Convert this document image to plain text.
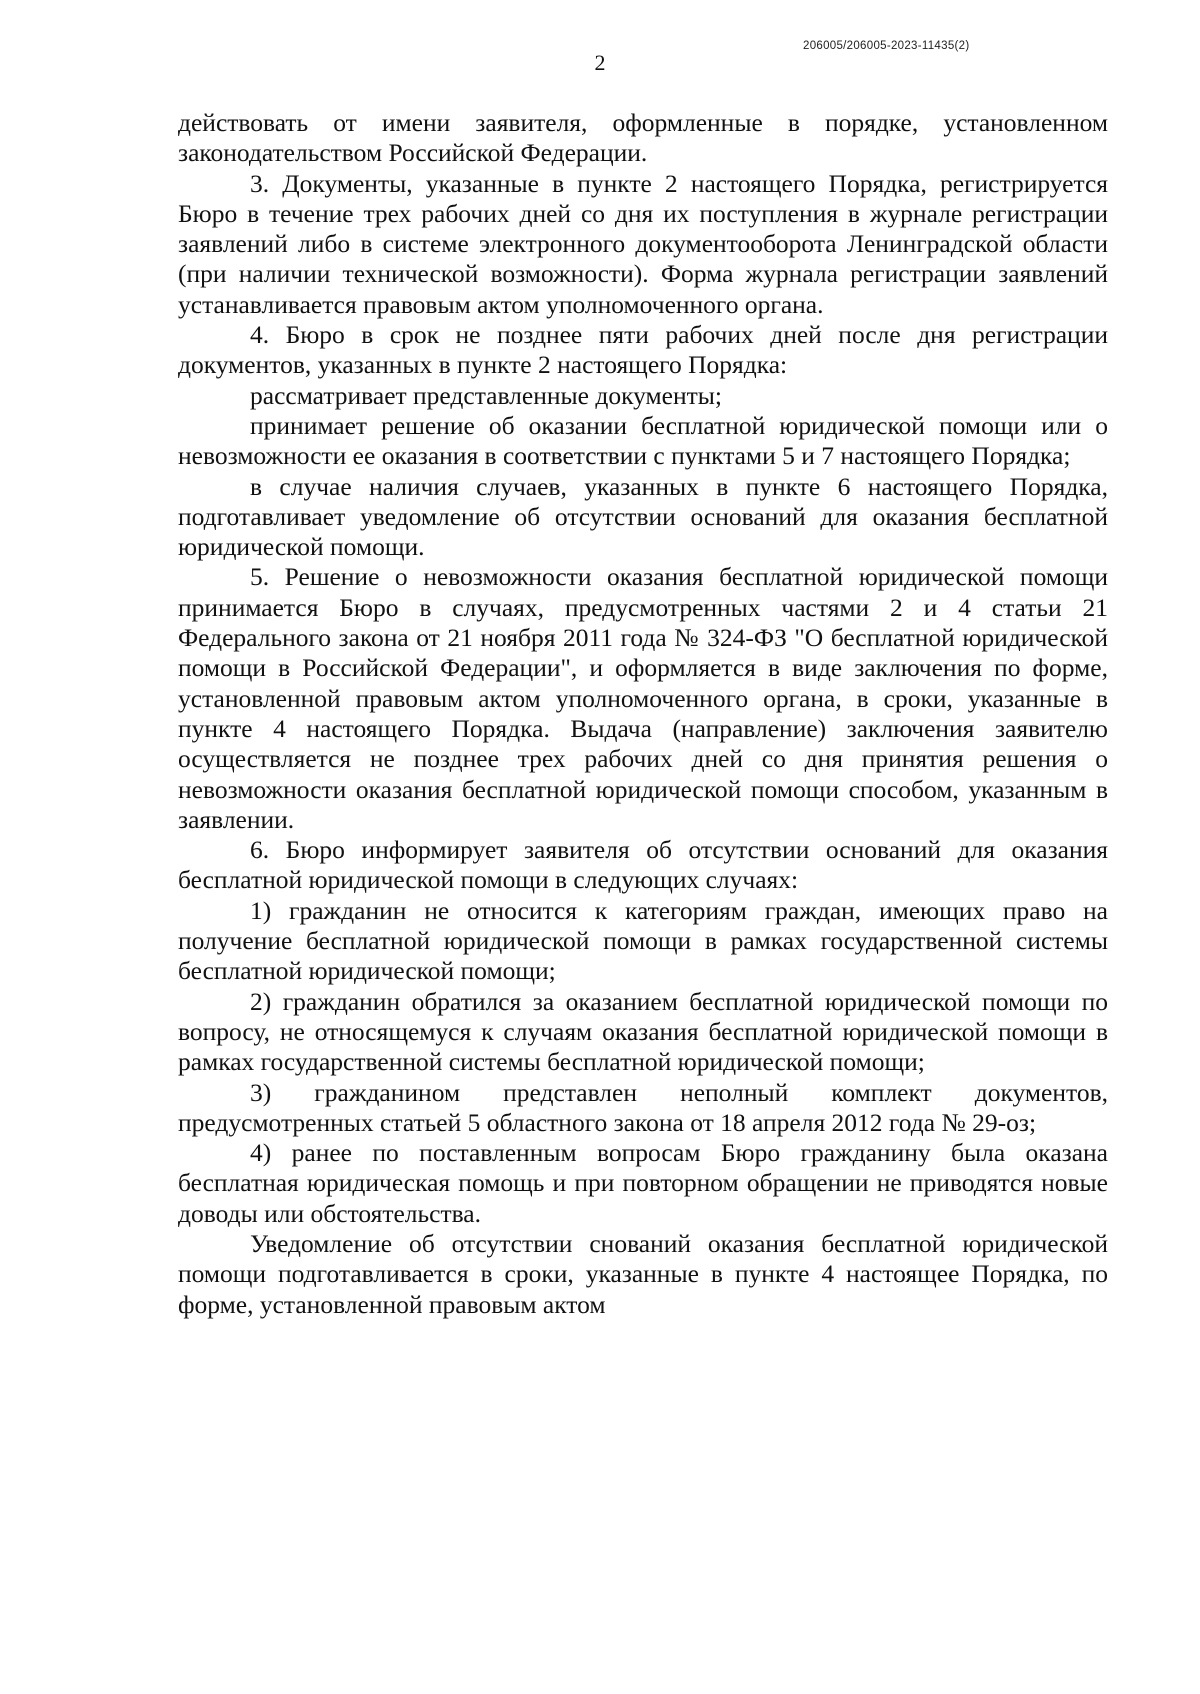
206005/206005-2023-11435(2)
2

действовать от имени заявителя, оформленные в порядке, установленном законодательством Российской Федерации.

3. Документы, указанные в пункте 2 настоящего Порядка, регистрируется Бюро в течение трех рабочих дней со дня их поступления в журнале регистрации заявлений либо в системе электронного документооборота Ленинградской области (при наличии технической возможности). Форма журнала регистрации заявлений устанавливается правовым актом уполномоченного органа.

4. Бюро в срок не позднее пяти рабочих дней после дня регистрации документов, указанных в пункте 2 настоящего Порядка:

рассматривает представленные документы;

принимает решение об оказании бесплатной юридической помощи или о невозможности ее оказания в соответствии с пунктами 5 и 7 настоящего Порядка;

в случае наличия случаев, указанных в пункте 6 настоящего Порядка, подготавливает уведомление об отсутствии оснований для оказания бесплатной юридической помощи.

5. Решение о невозможности оказания бесплатной юридической помощи принимается Бюро в случаях, предусмотренных частями 2 и 4 статьи 21 Федерального закона от 21 ноября 2011 года № 324-ФЗ "О бесплатной юридической помощи в Российской Федерации", и оформляется в виде заключения по форме, установленной правовым актом уполномоченного органа, в сроки, указанные в пункте 4 настоящего Порядка. Выдача (направление) заключения заявителю осуществляется не позднее трех рабочих дней со дня принятия решения о невозможности оказания бесплатной юридической помощи способом, указанным в заявлении.

6. Бюро информирует заявителя об отсутствии оснований для оказания бесплатной юридической помощи в следующих случаях:

1) гражданин не относится к категориям граждан, имеющих право на получение бесплатной юридической помощи в рамках государственной системы бесплатной юридической помощи;

2) гражданин обратился за оказанием бесплатной юридической помощи по вопросу, не относящемуся к случаям оказания бесплатной юридической помощи в рамках государственной системы бесплатной юридической помощи;

3) гражданином представлен неполный комплект документов, предусмотренных статьей 5 областного закона от 18 апреля 2012 года № 29-оз;

4) ранее по поставленным вопросам Бюро гражданину была оказана бесплатная юридическая помощь и при повторном обращении не приводятся новые доводы или обстоятельства.

Уведомление об отсутствии снований оказания бесплатной юридической помощи подготавливается в сроки, указанные в пункте 4 настоящее Порядка, по форме, установленной правовым актом
